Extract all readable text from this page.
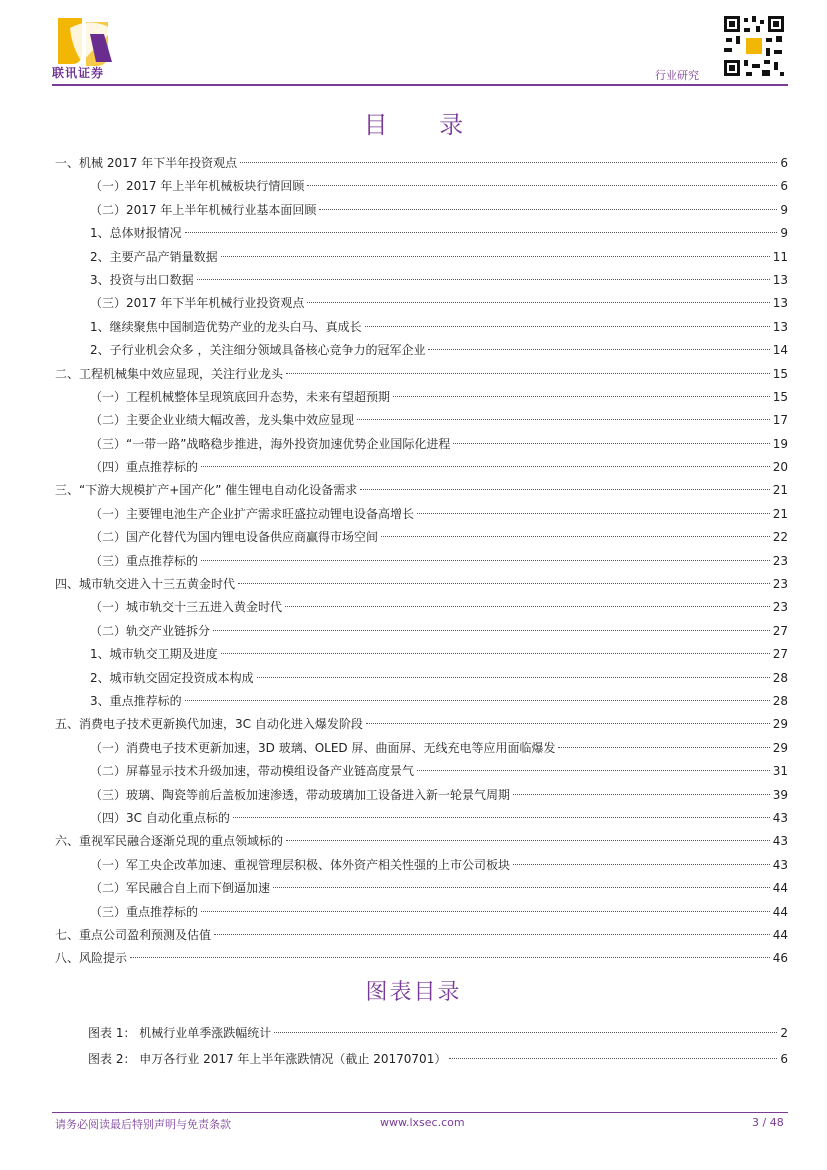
联讯证券	行业研究
目 录
一、机械 2017 年下半年投资观点	6
（一）2017 年上半年机械板块行情回顾	6
（二）2017 年上半年机械行业基本面回顾	9
1、总体财报情况	9
2、主要产品产销量数据	11
3、投资与出口数据	13
（三）2017 年下半年机械行业投资观点	13
1、继续聚焦中国制造优势产业的龙头白马、真成长	13
2、子行业机会众多 ，关注细分领域具备核心竞争力的冠军企业	14
二、工程机械集中效应显现，关注行业龙头	15
（一）工程机械整体呈现筑底回升态势，未来有望超预期	15
（二）主要企业业绩大幅改善，龙头集中效应显现	17
（三）“一带一路”战略稳步推进，海外投资加速优势企业国际化进程	19
（四）重点推荐标的	20
三、“下游大规模扩产+国产化” 催生锂电自动化设备需求	21
（一）主要锂电池生产企业扩产需求旺盛拉动锂电设备高增长	21
（二）国产化替代为国内锂电设备供应商赢得市场空间	22
（三）重点推荐标的	23
四、城市轨交进入十三五黄金时代	23
（一）城市轨交十三五进入黄金时代	23
（二）轨交产业链拆分	27
1、城市轨交工期及进度	27
2、城市轨交固定投资成本构成	28
3、重点推荐标的	28
五、消费电子技术更新换代加速，3C 自动化进入爆发阶段	29
（一）消费电子技术更新加速，3D 玻璃、OLED 屏、曲面屏、无线充电等应用面临爆发	29
（二）屏幕显示技术升级加速，带动模组设备产业链高度景气	31
（三）玻璃、陶瓷等前后盖板加速渗透，带动玻璃加工设备进入新一轮景气周期	39
（四）3C 自动化重点标的	43
六、重视军民融合逐渐兑现的重点领域标的	43
（一）军工央企改革加速、重视管理层积极、体外资产相关性强的上市公司板块	43
（二）军民融合自上而下倒逼加速	44
（三）重点推荐标的	44
七、重点公司盈利预测及估值	44
八、风险提示	46
图表目录
图表 1： 机械行业单季涨跌幅统计	2
图表 2： 申万各行业 2017 年上半年涨跌情况（截止 20170701）	6
请务必阅读最后特别声明与免责条款	www.lxsec.com	3 / 48
